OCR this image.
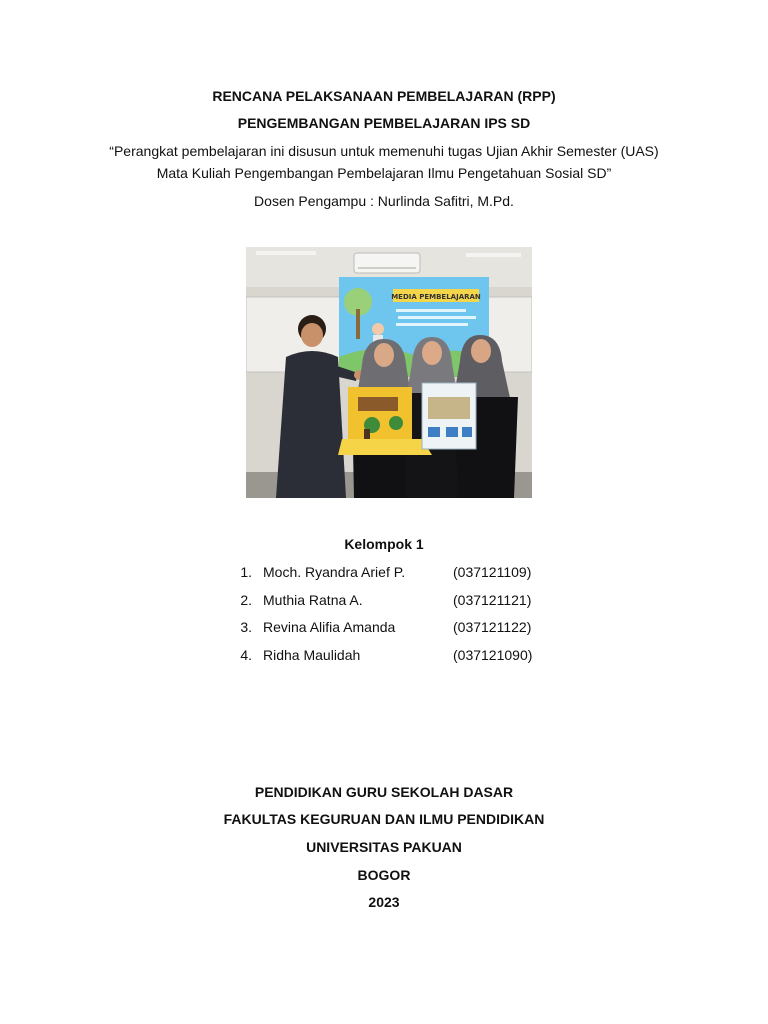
RENCANA PELAKSANAAN PEMBELAJARAN (RPP)
PENGEMBANGAN PEMBELAJARAN IPS SD
“Perangkat pembelajaran ini disusun untuk memenuhi tugas Ujian Akhir Semester (UAS)
Mata Kuliah Pengembangan Pembelajaran Ilmu Pengetahuan Sosial SD”
Dosen Pengampu : Nurlinda Safitri, M.Pd.
MEDIA PEMBELAJARAN
Kelompok 1
1. Moch. Ryandra Arief P.	(037121109)
2. Muthia Ratna A.	(037121121)
3. Revina Alifia Amanda	(037121122)
4. Ridha Maulidah	(037121090)
PENDIDIKAN GURU SEKOLAH DASAR
FAKULTAS KEGURUAN DAN ILMU PENDIDIKAN
UNIVERSITAS PAKUAN
BOGOR
2023
